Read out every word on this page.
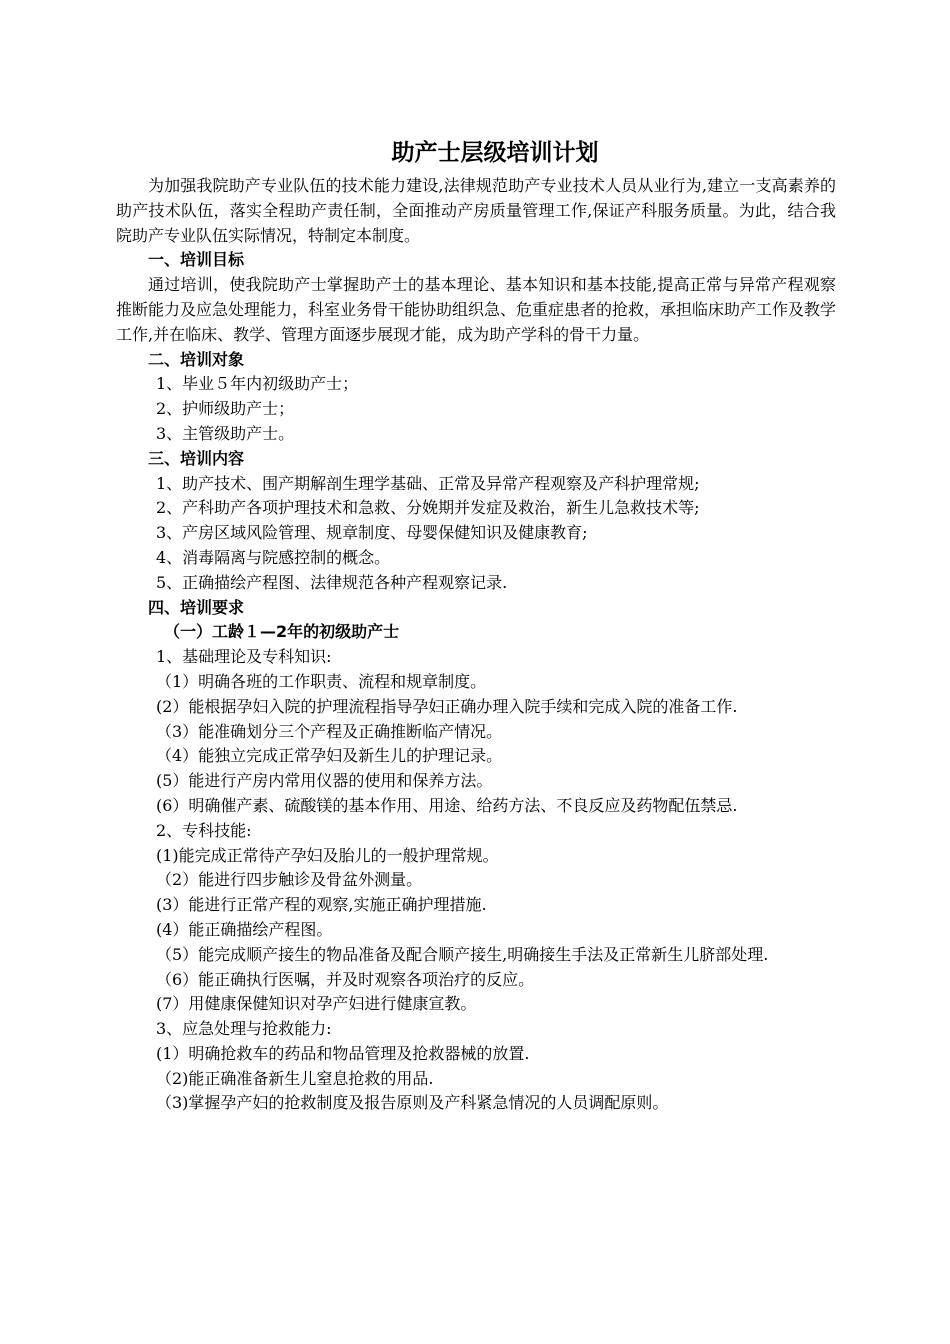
助产士层级培训计划

为加强我院助产专业队伍的技术能力建设,法律规范助产专业技术人员从业行为,建立一支高素养的助产技术队伍，落实全程助产责任制，全面推动产房质量管理工作,保证产科服务质量。为此，结合我院助产专业队伍实际情况，特制定本制度。

一、培训目标

通过培训，使我院助产士掌握助产士的基本理论、基本知识和基本技能,提高正常与异常产程观察推断能力及应急处理能力，科室业务骨干能协助组织急、危重症患者的抢救，承担临床助产工作及教学工作,并在临床、教学、管理方面逐步展现才能，成为助产学科的骨干力量。

二、培训对象

1、毕业５年内初级助产士；

2、护师级助产士；

3、主管级助产士。

三、培训内容

1、助产技术、围产期解剖生理学基础、正常及异常产程观察及产科护理常规;

2、产科助产各项护理技术和急救、分娩期并发症及救治，新生儿急救技术等;

3、产房区域风险管理、规章制度、母婴保健知识及健康教育;

4、消毒隔离与院感控制的概念。

5、正确描绘产程图、法律规范各种产程观察记录.

四、培训要求

（一）工龄１—2年的初级助产士

1、基础理论及专科知识:

（1）明确各班的工作职责、流程和规章制度。

(2）能根据孕妇入院的护理流程指导孕妇正确办理入院手续和完成入院的准备工作.

（3）能准确划分三个产程及正确推断临产情况。

（4）能独立完成正常孕妇及新生儿的护理记录。

(5）能进行产房内常用仪器的使用和保养方法。

(6）明确催产素、硫酸镁的基本作用、用途、给药方法、不良反应及药物配伍禁忌.

2、专科技能:

(1)能完成正常待产孕妇及胎儿的一般护理常规。

（2）能进行四步触诊及骨盆外测量。

(3）能进行正常产程的观察,实施正确护理措施.

(4）能正确描绘产程图。

（5）能完成顺产接生的物品准备及配合顺产接生,明确接生手法及正常新生儿脐部处理.

（6）能正确执行医嘱，并及时观察各项治疗的反应。

(7）用健康保健知识对孕产妇进行健康宣教。

3、应急处理与抢救能力:

(1）明确抢救车的药品和物品管理及抢救器械的放置.

（2)能正确准备新生儿窒息抢救的用品.

（3)掌握孕产妇的抢救制度及报告原则及产科紧急情况的人员调配原则。
